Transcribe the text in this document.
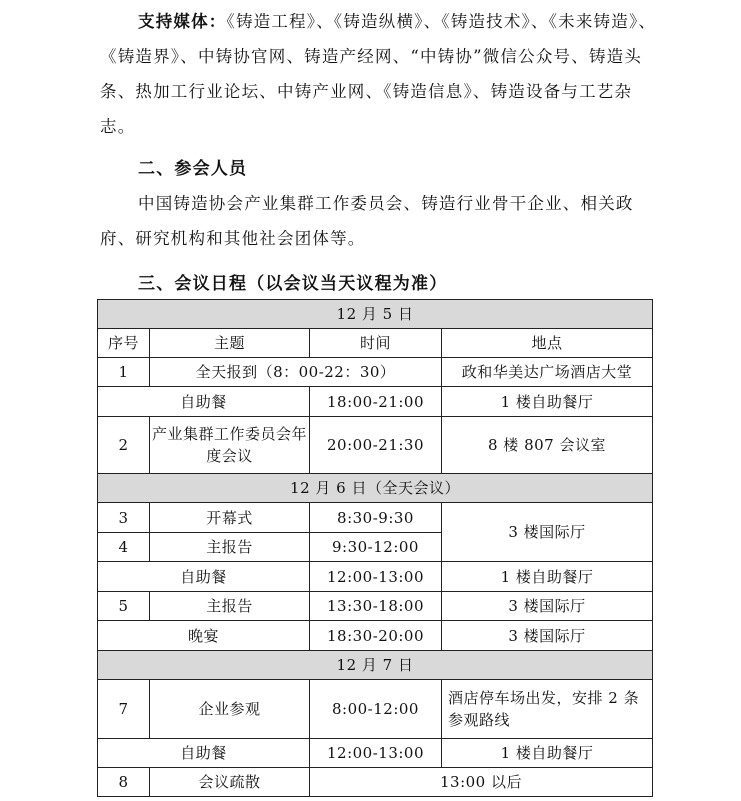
支持媒体：《铸造工程》、《铸造纵横》、《铸造技术》、《未来铸造》、《铸造界》、中铸协官网、铸造产经网、“中铸协”微信公众号、铸造头条、热加工行业论坛、中铸产业网、《铸造信息》、铸造设备与工艺杂志。
二、参会人员
中国铸造协会产业集群工作委员会、铸造行业骨干企业、相关政府、研究机构和其他社会团体等。
三、会议日程（以会议当天议程为准）
12 月 5 日			
序号	主题	时间	地点
1	全天报到（8：00-22：30）		政和华美达广场酒店大堂
自助餐		18:00-21:00	1 楼自助餐厅
2	产业集群工作委员会年度会议	20:00-21:30	8 楼 807 会议室
12 月 6 日（全天会议）			
3	开幕式	8:30-9:30	3 楼国际厅
4	主报告	9:30-12:00	
自助餐		12:00-13:00	1 楼自助餐厅
5	主报告	13:30-18:00	3 楼国际厅
晚宴		18:30-20:00	3 楼国际厅
12 月 7 日			
7	企业参观	8:00-12:00	酒店停车场出发，安排 2 条参观路线
自助餐		12:00-13:00	1 楼自助餐厅
8	会议疏散	13:00 以后	
